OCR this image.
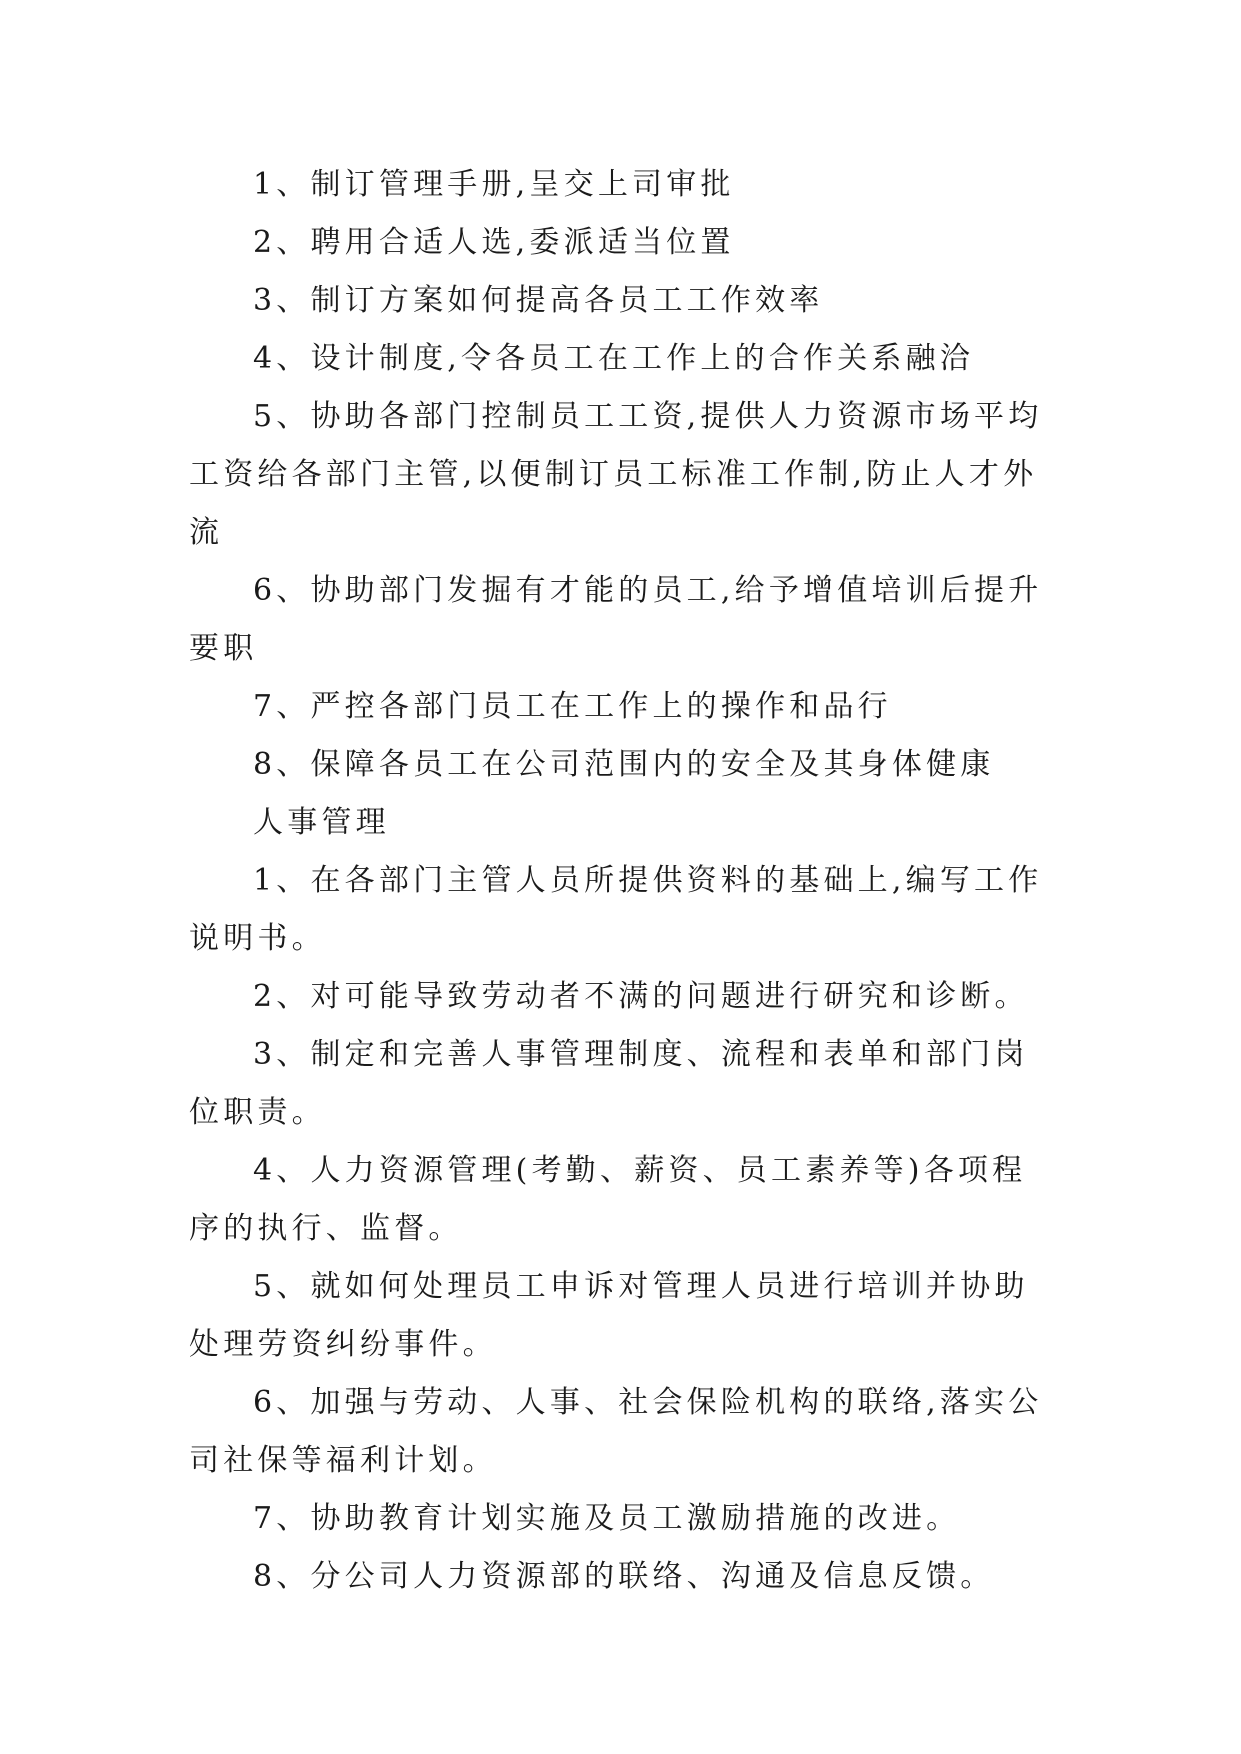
1、制订管理手册,呈交上司审批

2、聘用合适人选,委派适当位置

3、制订方案如何提高各员工工作效率

4、设计制度,令各员工在工作上的合作关系融洽

5、协助各部门控制员工工资,提供人力资源市场平均工资给各部门主管,以便制订员工标准工作制,防止人才外流

6、协助部门发掘有才能的员工,给予增值培训后提升要职

7、严控各部门员工在工作上的操作和品行

8、保障各员工在公司范围内的安全及其身体健康

人事管理

1、在各部门主管人员所提供资料的基础上,编写工作说明书。

2、对可能导致劳动者不满的问题进行研究和诊断。

3、制定和完善人事管理制度、流程和表单和部门岗位职责。

4、人力资源管理(考勤、薪资、员工素养等)各项程序的执行、监督。

5、就如何处理员工申诉对管理人员进行培训并协助处理劳资纠纷事件。

6、加强与劳动、人事、社会保险机构的联络,落实公司社保等福利计划。

7、协助教育计划实施及员工激励措施的改进。

8、分公司人力资源部的联络、沟通及信息反馈。
